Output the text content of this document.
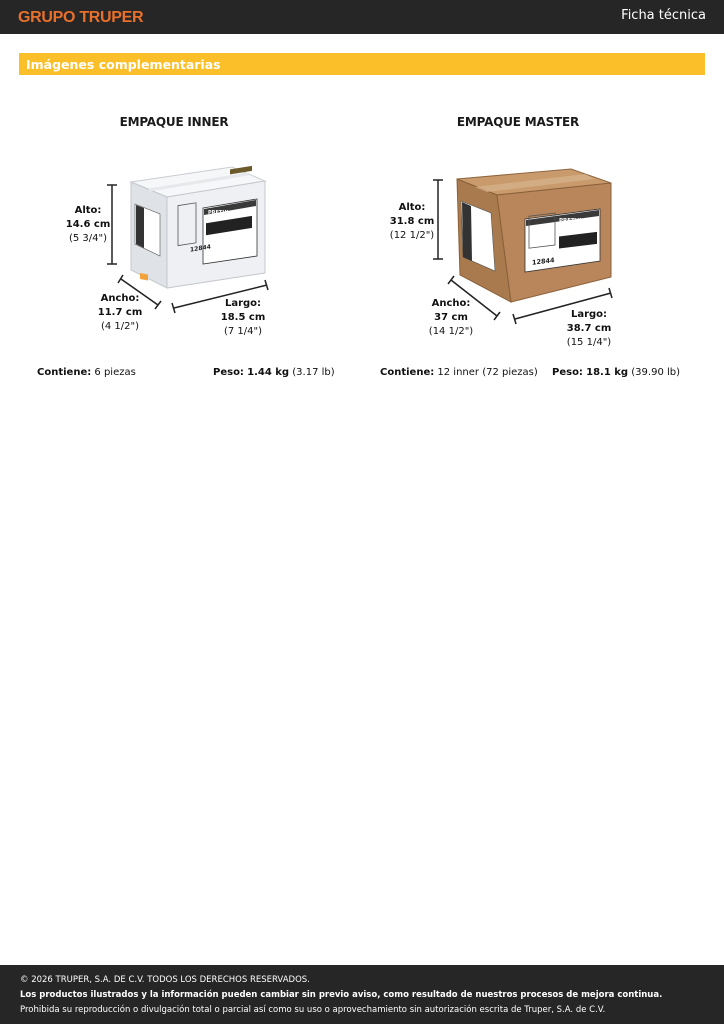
GRUPO TRUPER	Ficha técnica
Imágenes complementarias
EMPAQUE INNER
PRETUL
12844
Alto:
14.6 cm
(5 3/4")
Ancho:
11.7 cm
(4 1/2")
Largo:
18.5 cm
(7 1/4")
Contiene: 6 piezas	Peso: 1.44 kg (3.17 lb)
EMPAQUE MASTER
PRETUL
12844
Alto:
31.8 cm
(12 1/2")
Ancho:
37 cm
(14 1/2")
Largo:
38.7 cm
(15 1/4")
Contiene: 12 inner (72 piezas) Peso: 18.1 kg (39.90 lb)
© 2026 TRUPER, S.A. DE C.V. TODOS LOS DERECHOS RESERVADOS.
Los productos ilustrados y la información pueden cambiar sin previo aviso, como resultado de nuestros procesos de mejora continua.
Prohibida su reproducción o divulgación total o parcial así como su uso o aprovechamiento sin autorización escrita de Truper, S.A. de C.V.
